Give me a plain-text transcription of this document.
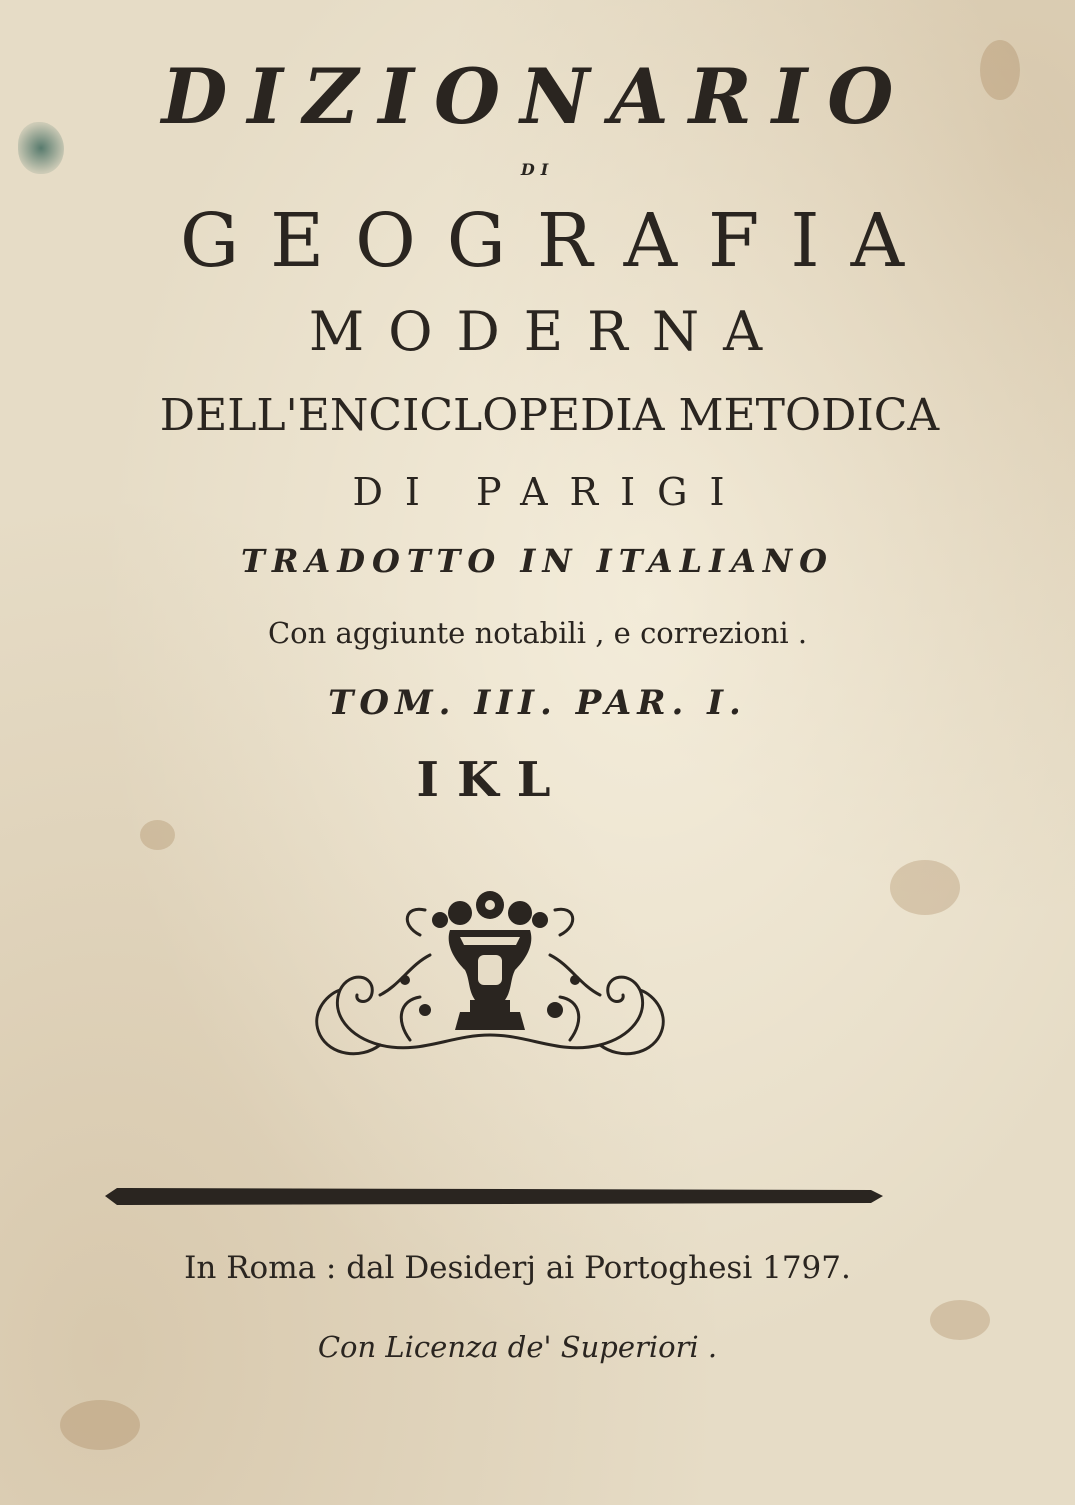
DIZIONARIO
DI
GEOGRAFIA
MODERNA
DELL'ENCICLOPEDIA METODICA
DI PARIGI
TRADOTTO IN ITALIANO
Con aggiunte notabili , e correzioni .
TOM. III. PAR. I.
IKL
In Roma : dal Desiderj ai Portoghesi 1797.
Con Licenza de' Superiori .
